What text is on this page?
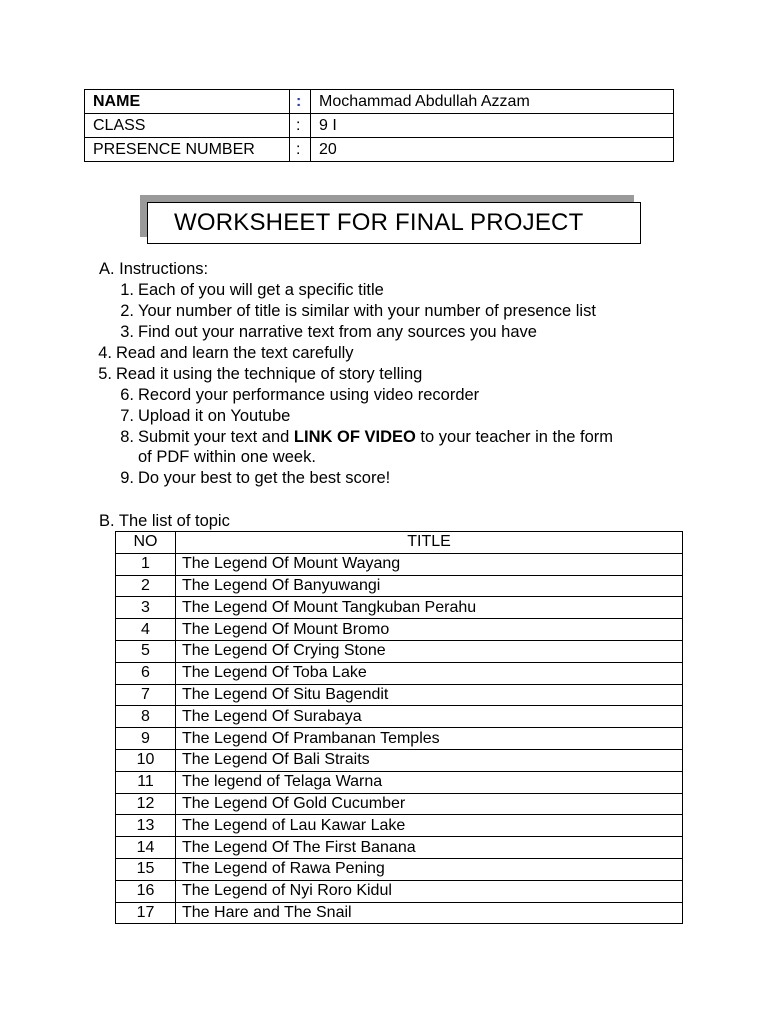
NAME	:	Mochammad Abdullah Azzam
CLASS	:	9 I
PRESENCE NUMBER	:	20
WORKSHEET FOR FINAL PROJECT
A. Instructions:
1. Each of you will get a specific title
2. Your number of title is similar with your number of presence list
3. Find out your narrative text from any sources you have
4. Read and learn the text carefully
5. Read it using the technique of story telling
6. Record your performance using video recorder
7. Upload it on Youtube
8. Submit your text and LINK OF VIDEO to your teacher in the form
of PDF within one week.
9. Do your best to get the best score!
B. The list of topic
NO	TITLE
1	The Legend Of Mount Wayang
2	The Legend Of Banyuwangi
3	The Legend Of Mount Tangkuban Perahu
4	The Legend Of Mount Bromo
5	The Legend Of Crying Stone
6	The Legend Of Toba Lake
7	The Legend Of Situ Bagendit
8	The Legend Of Surabaya
9	The Legend Of Prambanan Temples
10	The Legend Of Bali Straits
11	The legend of Telaga Warna
12	The Legend Of Gold Cucumber
13	The Legend of Lau Kawar Lake
14	The Legend Of The First Banana
15	The Legend of Rawa Pening
16	The Legend of Nyi Roro Kidul
17	The Hare and The Snail
